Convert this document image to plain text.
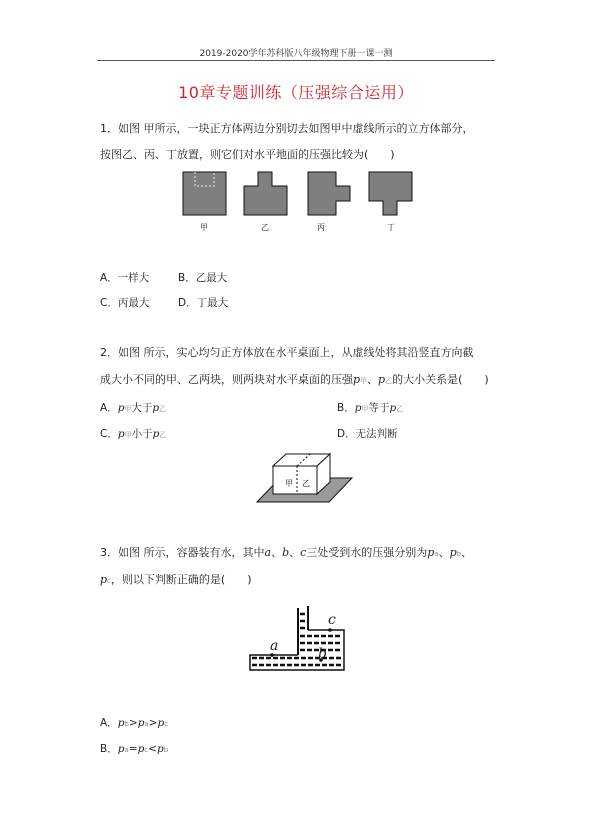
2019-2020学年苏科版八年级物理下册一课一测
10章专题训练（压强综合运用）
1．如图 甲所示，一块正方体两边分别切去如图甲中虚线所示的立方体部分，
按图乙、丙、丁放置，则它们对水平地面的压强比较为(　　)
甲	乙	丙	丁
A．一样大	B．乙最大
C．丙最大	D．丁最大
2．如图 所示，实心均匀正方体放在水平桌面上，从虚线处将其沿竖直方向截
成大小不同的甲、乙两块，则两块对水平桌面的压强p甲、p乙的大小关系是(　　)
A．p甲大于p乙	B．p甲等于p乙
C．p甲小于p乙	D．无法判断
甲 乙
3．如图 所示，容器装有水，其中a、b、c三处受到水的压强分别为pa、pb、
pc，则以下判断正确的是(　　)
a	b
c
A．pb>pa>pc
B．pa=pc<pb
